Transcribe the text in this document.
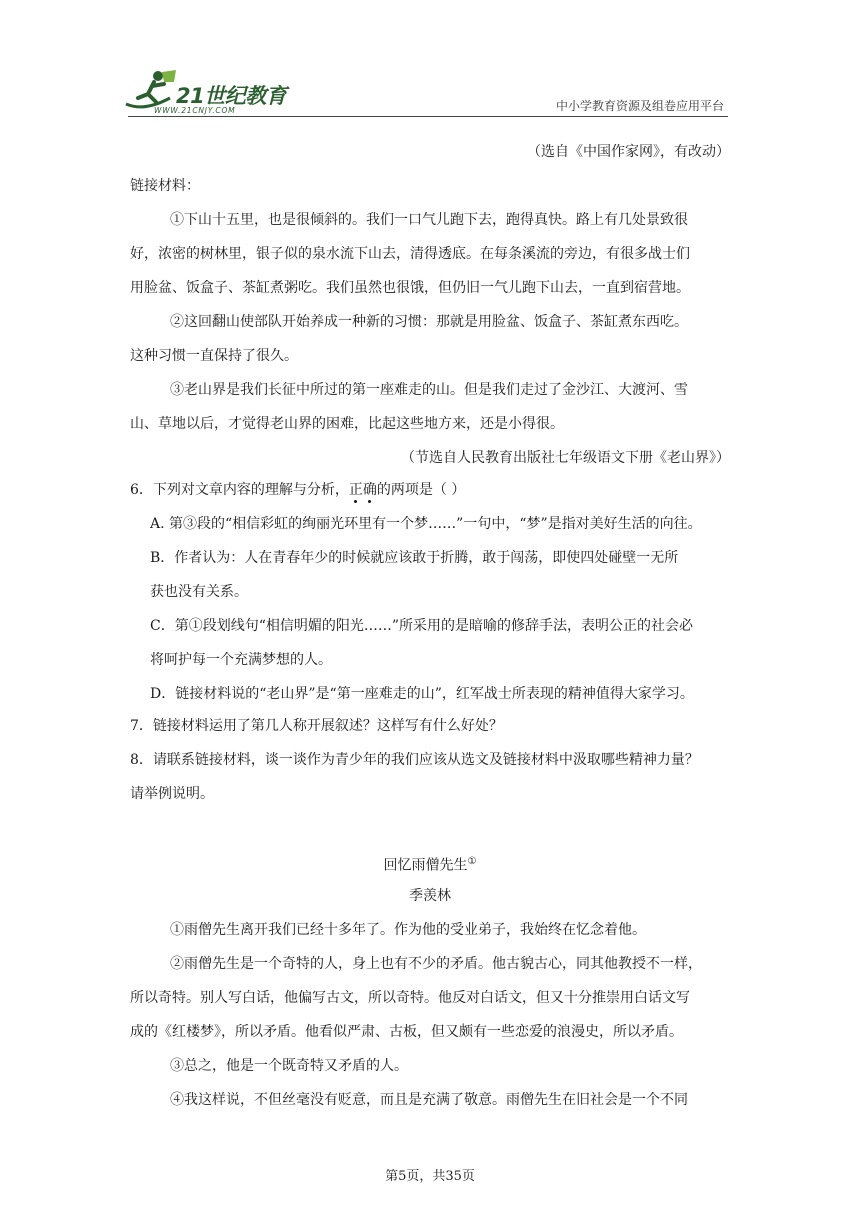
21世纪教育
WWW.21CNJY.COM	中小学教育资源及组卷应用平台
（选自《中国作家网》，有改动）
链接材料：
①下山十五里，也是很倾斜的。我们一口气儿跑下去，跑得真快。路上有几处景致很
好，浓密的树林里，银子似的泉水流下山去，清得透底。在每条溪流的旁边，有很多战士们
用脸盆、饭盒子、茶缸煮粥吃。我们虽然也很饿，但仍旧一气儿跑下山去，一直到宿营地。
②这回翻山使部队开始养成一种新的习惯：那就是用脸盆、饭盒子、茶缸煮东西吃。
这种习惯一直保持了很久。
③老山界是我们长征中所过的第一座难走的山。但是我们走过了金沙江、大渡河、雪
山、草地以后，才觉得老山界的困难，比起这些地方来，还是小得很。
（节选自人民教育出版社七年级语文下册《老山界》）
6．下列对文章内容的理解与分析，正确的两项是（ ）
A. 第③段的“相信彩虹的绚丽光环里有一个梦……”一句中，“梦”是指对美好生活的向往。
B．作者认为：人在青春年少的时候就应该敢于折腾，敢于闯荡，即使四处碰壁一无所
获也没有关系。
C．第①段划线句“相信明媚的阳光……”所采用的是暗喻的修辞手法，表明公正的社会必
将呵护每一个充满梦想的人。
D．链接材料说的“老山界”是“第一座难走的山”，红军战士所表现的精神值得大家学习。
7．链接材料运用了第几人称开展叙述？这样写有什么好处？
8．请联系链接材料，谈一谈作为青少年的我们应该从选文及链接材料中汲取哪些精神力量？
请举例说明。
回忆雨僧先生①
季羡林
①雨僧先生离开我们已经十多年了。作为他的受业弟子，我始终在忆念着他。
②雨僧先生是一个奇特的人，身上也有不少的矛盾。他古貌古心，同其他教授不一样，
所以奇特。别人写白话，他偏写古文，所以奇特。他反对白话文，但又十分推崇用白话文写
成的《红楼梦》，所以矛盾。他看似严肃、古板，但又颇有一些恋爱的浪漫史，所以矛盾。
③总之，他是一个既奇特又矛盾的人。
④我这样说，不但丝毫没有贬意，而且是充满了敬意。雨僧先生在旧社会是一个不同
第5页，共35页
